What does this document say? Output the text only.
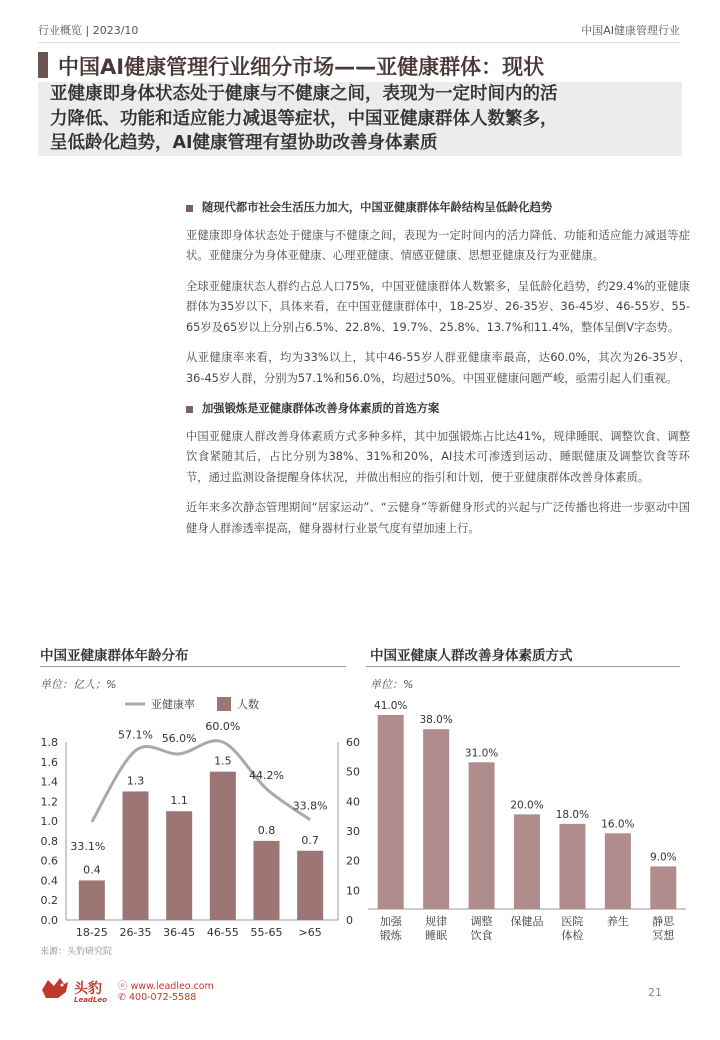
行业概览 | 2023/10	中国AI健康管理行业
中国AI健康管理行业细分市场——亚健康群体：现状
亚健康即身体状态处于健康与不健康之间，表现为一定时间内的活
力降低、功能和适应能力减退等症状，中国亚健康群体人数繁多，
呈低龄化趋势，AI健康管理有望协助改善身体素质
随现代都市社会生活压力加大，中国亚健康群体年龄结构呈低龄化趋势

亚健康即身体状态处于健康与不健康之间，表现为一定时间内的活力降低、功能和适应能力减退等症状。亚健康分为身体亚健康、心理亚健康、情感亚健康、思想亚健康及行为亚健康。

全球亚健康状态人群约占总人口75%，中国亚健康群体人数繁多，呈低龄化趋势，约29.4%的亚健康群体为35岁以下，具体来看，在中国亚健康群体中，18-25岁、26-35岁、36-45岁、46-55岁、55-65岁及65岁以上分别占6.5%、22.8%、19.7%、25.8%、13.7%和11.4%，整体呈倒V字态势。

从亚健康率来看，均为33%以上，其中46-55岁人群亚健康率最高，达60.0%，其次为26-35岁、36-45岁人群，分别为57.1%和56.0%，均超过50%。中国亚健康问题严峻，亟需引起人们重视。

加强锻炼是亚健康群体改善身体素质的首选方案

中国亚健康人群改善身体素质方式多种多样，其中加强锻炼占比达41%，规律睡眠、调整饮食、调整饮食紧随其后，占比分别为38%、31%和20%，AI技术可渗透到运动、睡眠健康及调整饮食等环节，通过监测设备提醒身体状况，并做出相应的指引和计划，便于亚健康群体改善身体素质。

近年来多次静态管理期间“居家运动”、“云健身”等新健身形式的兴起与广泛传播也将进一步驱动中国健身人群渗透率提高，健身器材行业景气度有望加速上行。

中国亚健康群体年龄分布
单位：亿人；%
0.0
0.2
0.4
0.6
0.8
1.0
1.2
1.4
1.6
1.8
0
10
20
30
40
50
60
0.4
18-25
1.3
26-35
1.1
36-45
1.5
46-55
0.8
55-65
0.7
>65
33.1%
57.1% 56.0%
60.0%
44.2%
33.8%
亚健康率	人数
中国亚健康人群改善身体素质方式
单位：%
41.0%
加强
锻炼
38.0%
规律
睡眠
31.0%
调整
饮食
20.0%
保健品
18.0%
医院
体检
16.0%
养生
9.0%
静思
冥想
来源：头豹研究院
头豹
LeadLeo
ⓔ www.leadleo.com
✆ 400-072-5588	21
